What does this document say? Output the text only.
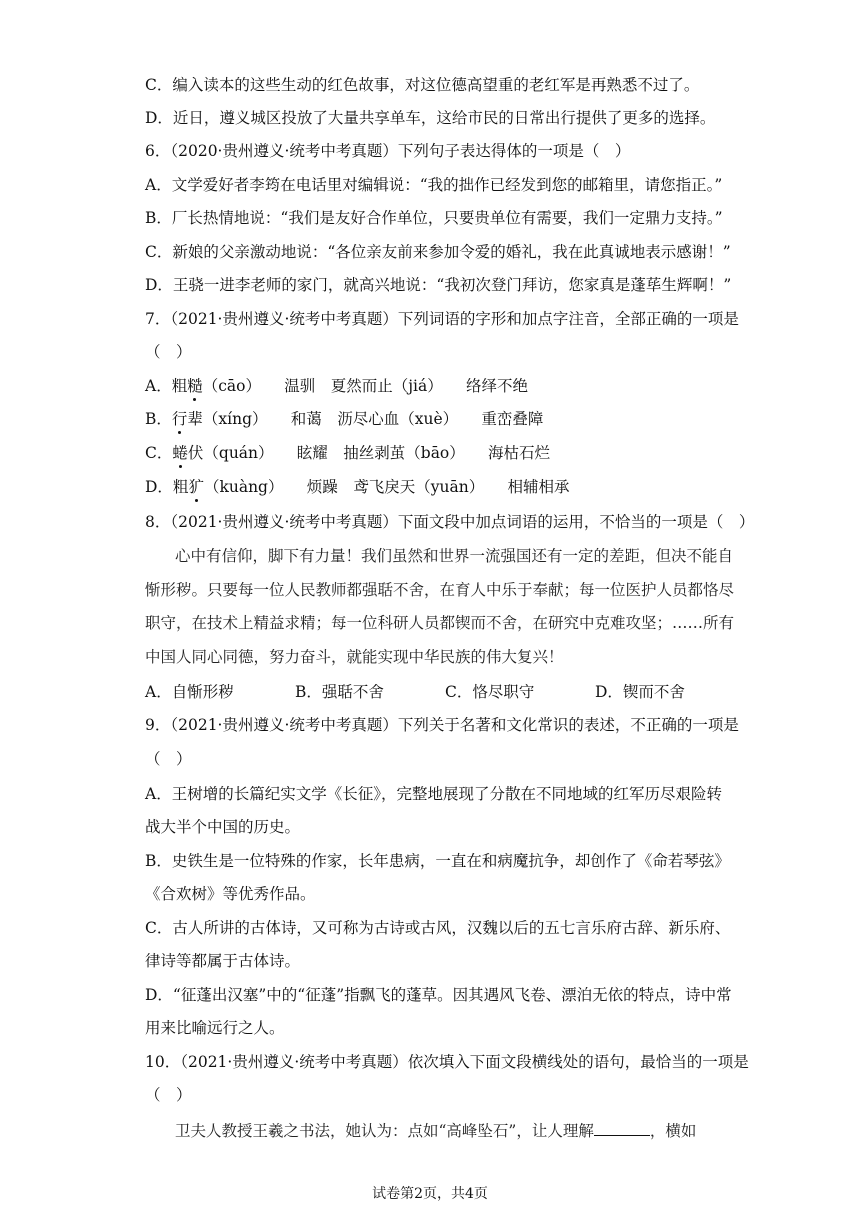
C．编入读本的这些生动的红色故事，对这位德高望重的老红军是再熟悉不过了。
D．近日，遵义城区投放了大量共享单车，这给市民的日常出行提供了更多的选择。
6．（2020·贵州遵义·统考中考真题）下列句子表达得体的一项是（　）
A．文学爱好者李筠在电话里对编辑说：“我的拙作已经发到您的邮箱里，请您指正。”
B．厂长热情地说：“我们是友好合作单位，只要贵单位有需要，我们一定鼎力支持。”
C．新娘的父亲激动地说：“各位亲友前来参加令爱的婚礼，我在此真诚地表示感谢！”
D．王骁一进李老师的家门，就高兴地说：“我初次登门拜访，您家真是蓬荜生辉啊！”
7．（2021·贵州遵义·统考中考真题）下列词语的字形和加点字注音，全部正确的一项是
（　）
A．粗糙（cāo）　　温驯　夏然而止（jiá）　　络绎不绝
B．行辈（xíng）　　和蔼　沥尽心血（xuè）　　重峦叠障
C．蜷伏（quán）　　眩耀　抽丝剥茧（bāo）　　海枯石烂
D．粗犷（kuàng）　　烦躁　鸢飞戾天（yuān）　　相辅相承
8．（2021·贵州遵义·统考中考真题）下面文段中加点词语的运用，不恰当的一项是（　）
心中有信仰，脚下有力量！我们虽然和世界一流强国还有一定的差距，但决不能自
惭形秽。只要每一位人民教师都强聒不舍，在育人中乐于奉献；每一位医护人员都恪尽
职守，在技术上精益求精；每一位科研人员都锲而不舍，在研究中克难攻坚；……所有
中国人同心同德，努力奋斗，就能实现中华民族的伟大复兴！
A．自惭形秽	B．强聒不舍	C．恪尽职守	D．锲而不舍
9．（2021·贵州遵义·统考中考真题）下列关于名著和文化常识的表述，不正确的一项是
（　）
A．王树增的长篇纪实文学《长征》，完整地展现了分散在不同地域的红军历尽艰险转
战大半个中国的历史。
B．史铁生是一位特殊的作家，长年患病，一直在和病魔抗争，却创作了《命若琴弦》
《合欢树》等优秀作品。
C．古人所讲的古体诗，又可称为古诗或古风，汉魏以后的五七言乐府古辞、新乐府、
律诗等都属于古体诗。
D．“征蓬出汉塞”中的“征蓬”指飘飞的蓬草。因其遇风飞卷、漂泊无依的特点，诗中常
用来比喻远行之人。
10．（2021·贵州遵义·统考中考真题）依次填入下面文段横线处的语句，最恰当的一项是
（　）
卫夫人教授王羲之书法，她认为：点如“高峰坠石”，让人理解	，横如
试卷第2页，共4页
